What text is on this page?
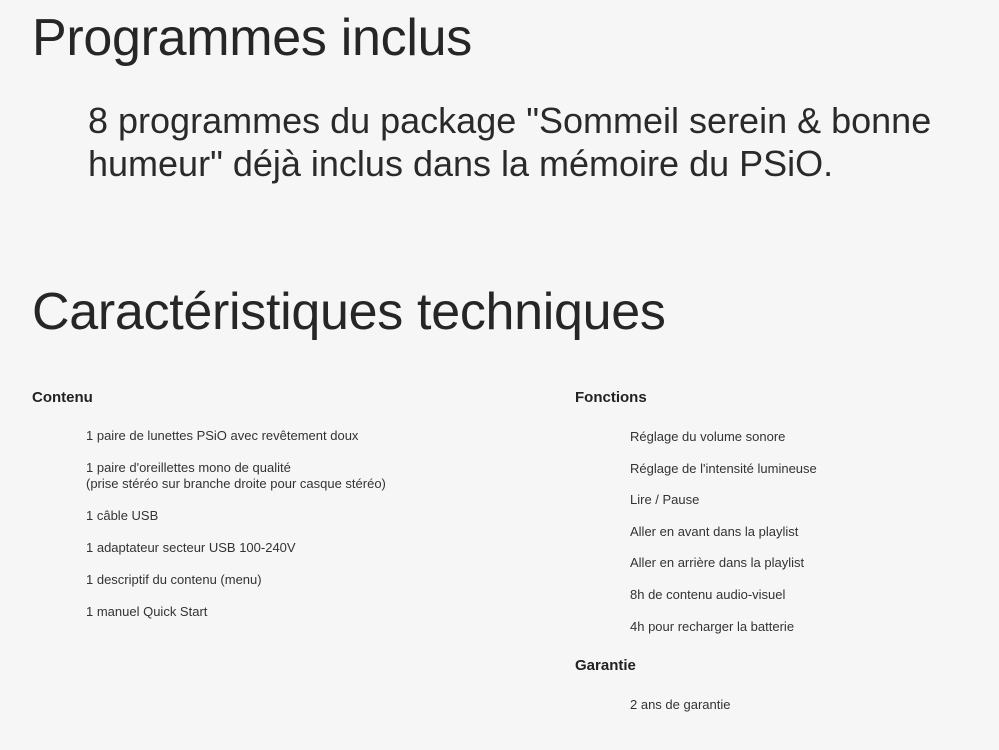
Programmes inclus

8 programmes du package "Sommeil serein & bonne humeur" déjà inclus dans la mémoire du PSiO.

Caractéristiques techniques
Contenu
1 paire de lunettes PSiO avec revêtement doux
1 paire d'oreillettes mono de qualité
(prise stéréo sur branche droite pour casque stéréo)
1 câble USB
1 adaptateur secteur USB 100-240V
1 descriptif du contenu (menu)
1 manuel Quick Start
Fonctions
Réglage du volume sonore
Réglage de l'intensité lumineuse
Lire / Pause
Aller en avant dans la playlist
Aller en arrière dans la playlist
8h de contenu audio-visuel
4h pour recharger la batterie
Garantie
2 ans de garantie
